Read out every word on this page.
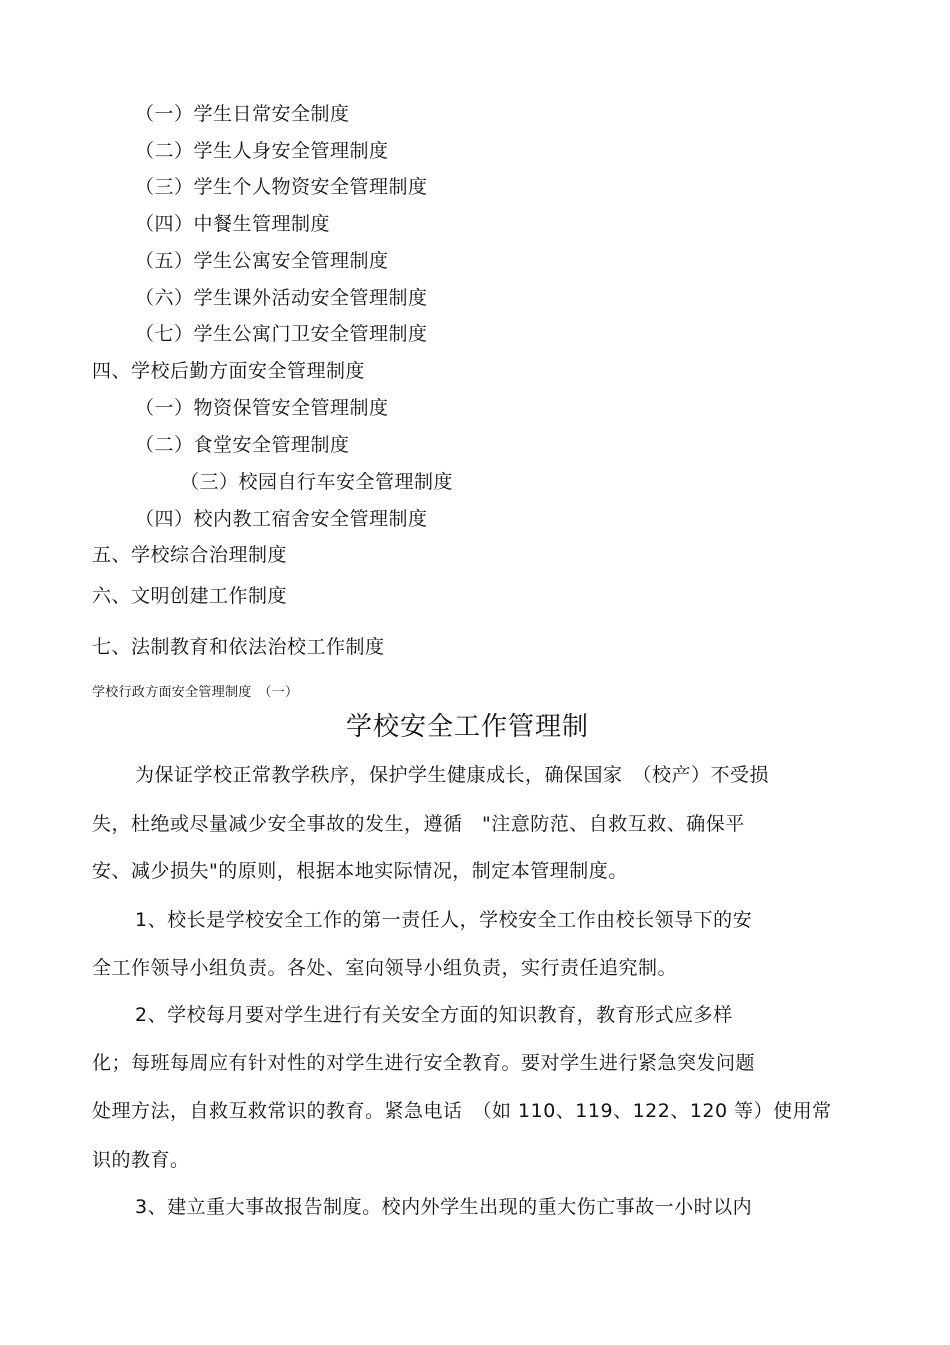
（一）学生日常安全制度
（二）学生人身安全管理制度
（三）学生个人物资安全管理制度
（四）中餐生管理制度
（五）学生公寓安全管理制度
（六）学生课外活动安全管理制度
（七）学生公寓门卫安全管理制度
四、学校后勤方面安全管理制度
（一）物资保管安全管理制度
（二）食堂安全管理制度
（三）校园自行车安全管理制度
（四）校内教工宿舍安全管理制度
五、学校综合治理制度
六、文明创建工作制度
七、法制教育和依法治校工作制度
学校行政方面安全管理制度　（一）
学校安全工作管理制
为保证学校正常教学秩序，保护学生健康成长，确保国家　（校产）不受损
失，杜绝或尽量减少安全事故的发生，遵循　"注意防范、自救互救、确保平
安、减少损失"的原则，根据本地实际情况，制定本管理制度。
1、校长是学校安全工作的第一责任人，学校安全工作由校长领导下的安
全工作领导小组负责。各处、室向领导小组负责，实行责任追究制。
2、学校每月要对学生进行有关安全方面的知识教育，教育形式应多样
化；每班每周应有针对性的对学生进行安全教育。要对学生进行紧急突发问题
处理方法，自救互救常识的教育。紧急电话　（如 110、119、122、120 等）使用常
识的教育。
3、建立重大事故报告制度。校内外学生出现的重大伤亡事故一小时以内
